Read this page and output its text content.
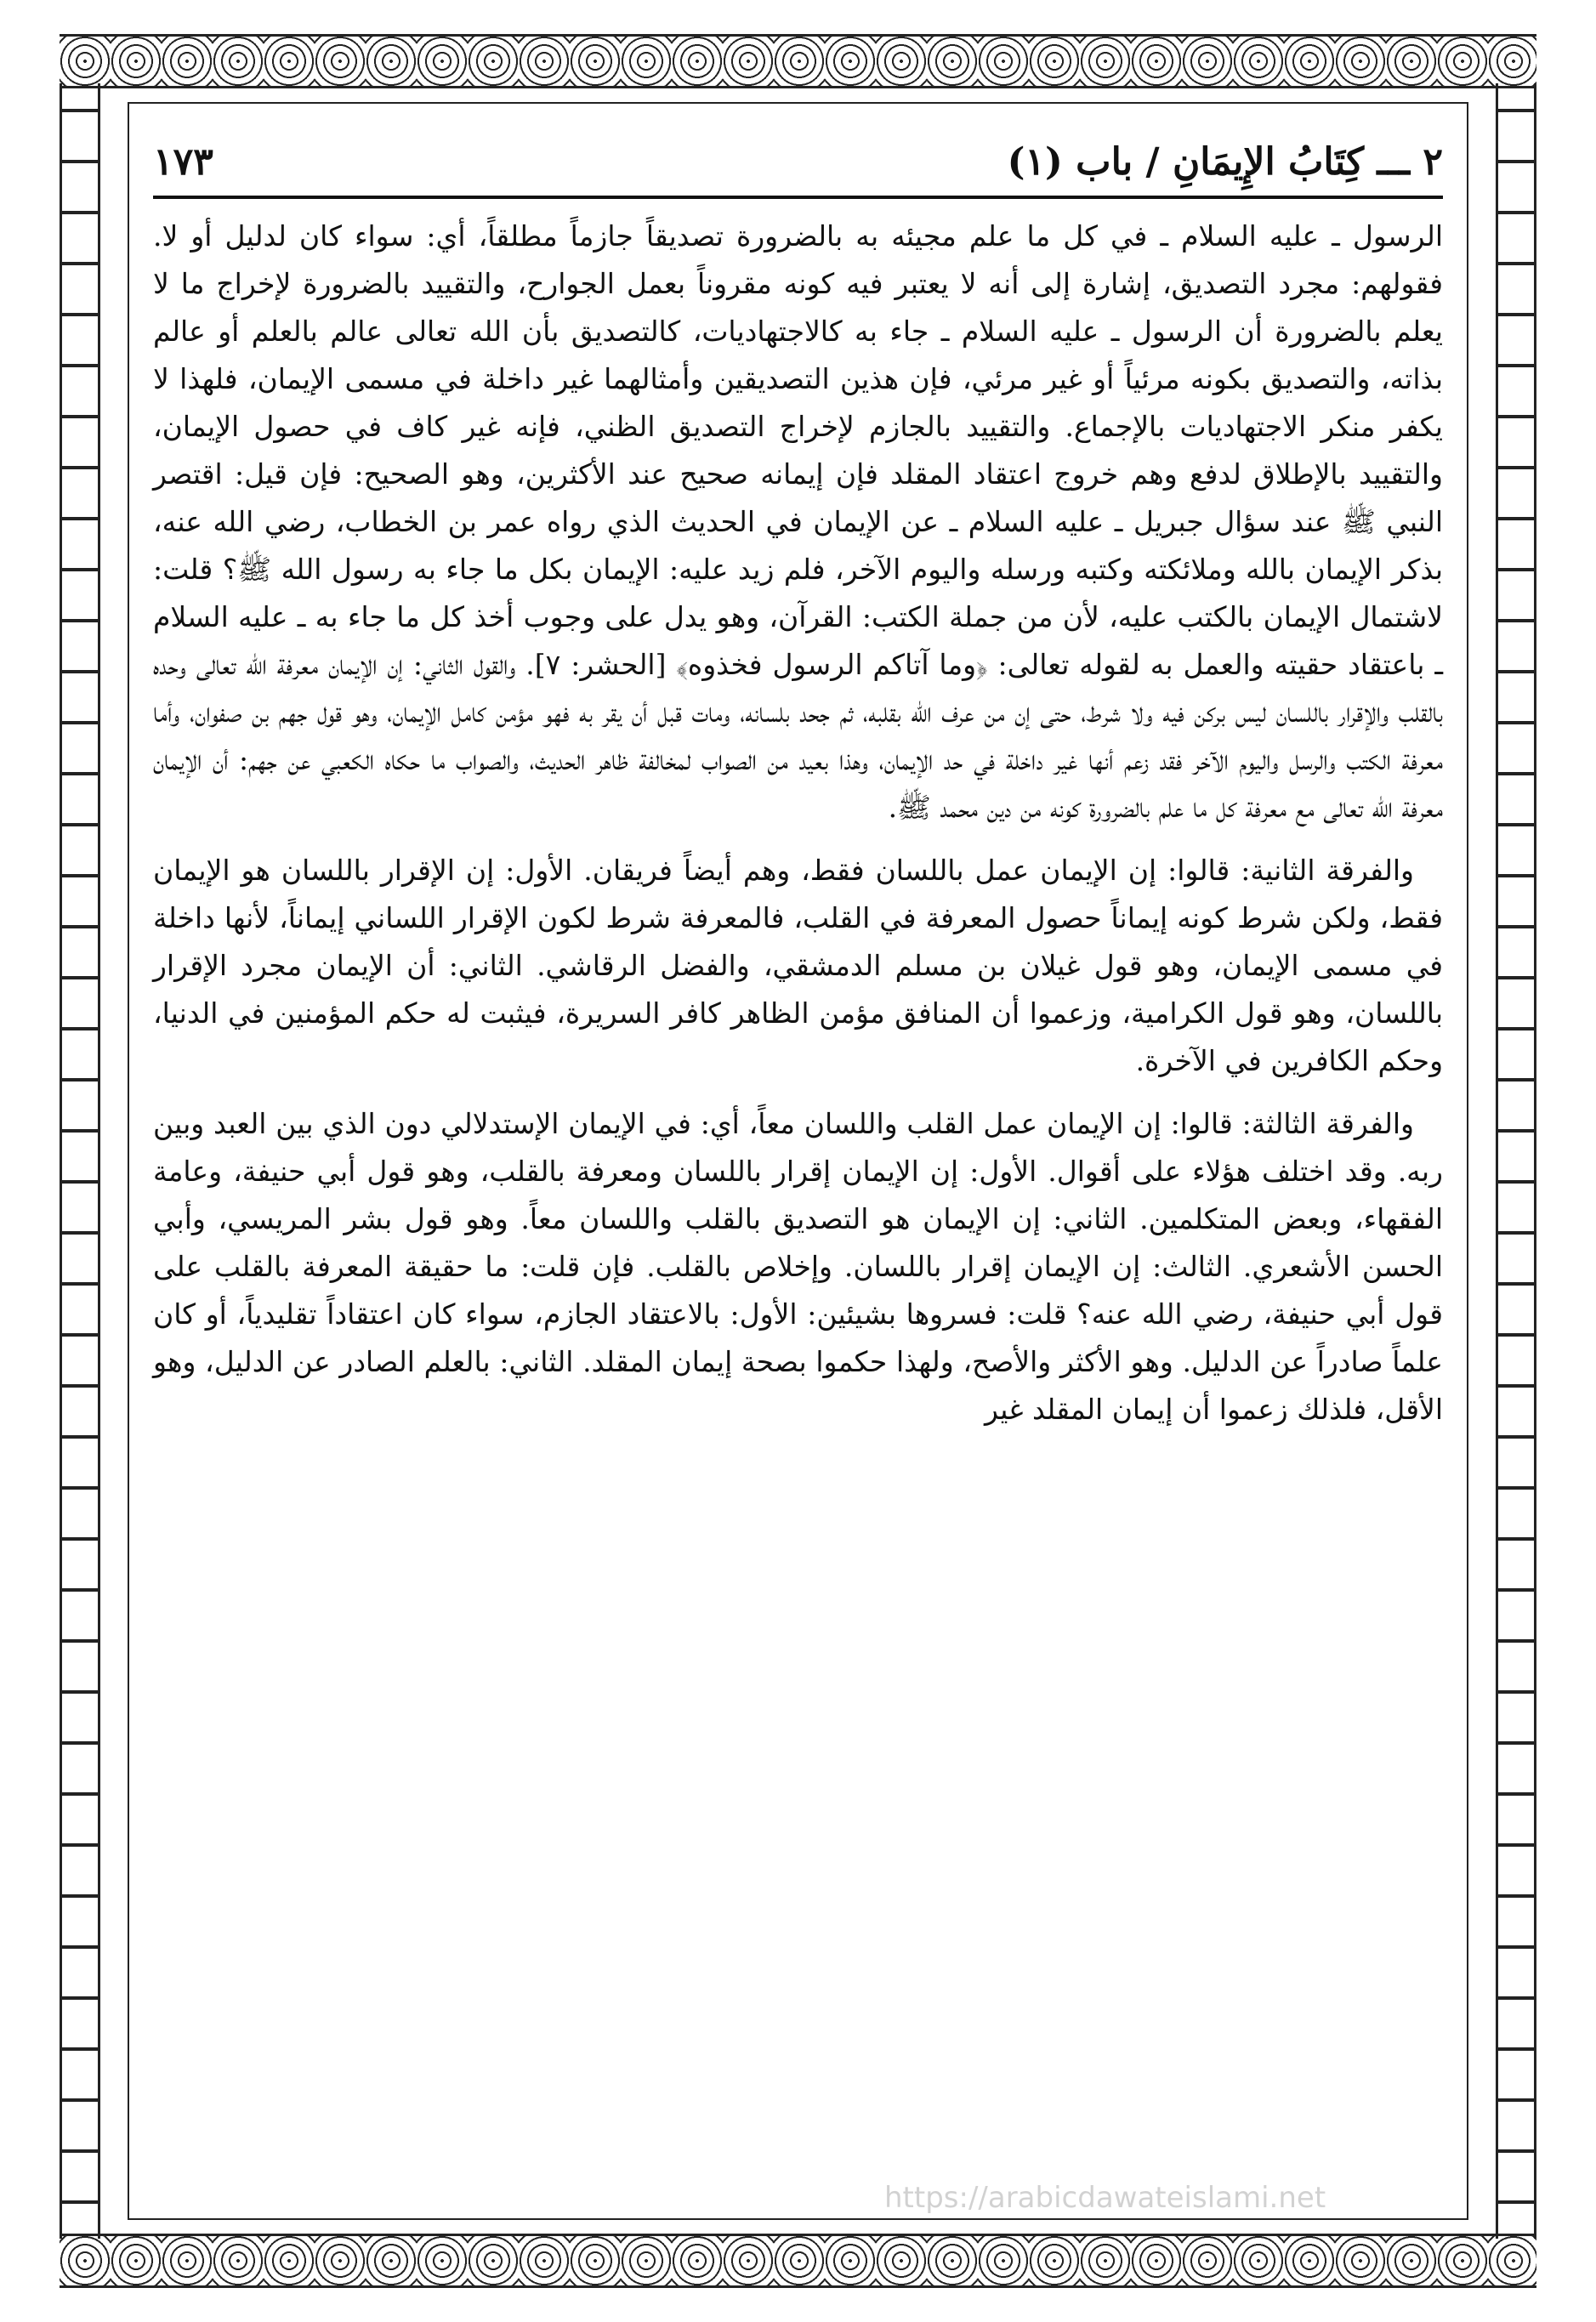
٢ ـــ كِتَابُ الإِيمَانِ / باب (١)
١٧٣

الرسول ـ عليه السلام ـ في كل ما علم مجيئه به بالضرورة تصديقاً جازماً مطلقاً، أي: سواء كان لدليل أو لا. فقولهم: مجرد التصديق، إشارة إلى أنه لا يعتبر فيه كونه مقروناً بعمل الجوارح، والتقييد بالضرورة لإخراج ما لا يعلم بالضرورة أن الرسول ـ عليه السلام ـ جاء به كالاجتهاديات، كالتصديق بأن الله تعالى عالم بالعلم أو عالم بذاته، والتصديق بكونه مرئياً أو غير مرئي، فإن هذين التصديقين وأمثالهما غير داخلة في مسمى الإيمان، فلهذا لا يكفر منكر الاجتهاديات بالإجماع. والتقييد بالجازم لإخراج التصديق الظني، فإنه غير كاف في حصول الإيمان، والتقييد بالإطلاق لدفع وهم خروج اعتقاد المقلد فإن إيمانه صحيح عند الأكثرين، وهو الصحيح: فإن قيل: اقتصر النبي ﷺ عند سؤال جبريل ـ عليه السلام ـ عن الإيمان في الحديث الذي رواه عمر بن الخطاب، رضي الله عنه، بذكر الإيمان بالله وملائكته وكتبه ورسله واليوم الآخر، فلم زيد عليه: الإيمان بكل ما جاء به رسول الله ﷺ؟ قلت: لاشتمال الإيمان بالكتب عليه، لأن من جملة الكتب: القرآن، وهو يدل على وجوب أخذ كل ما جاء به ـ عليه السلام ـ باعتقاد حقيته والعمل به لقوله تعالى: ﴿وما آتاكم الرسول فخذوه﴾ [الحشر: ٧]. والقول الثاني: إن الإيمان معرفة الله تعالى وحده بالقلب والإقرار باللسان ليس بركن فيه ولا شرط، حتى إن من عرف الله بقلبه، ثم جحد بلسانه، ومات قبل أن يقر به فهو مؤمن كامل الإيمان، وهو قول جهم بن صفوان، وأما معرفة الكتب والرسل واليوم الآخر فقد زعم أنها غير داخلة في حد الإيمان، وهذا بعيد من الصواب لمخالفة ظاهر الحديث، والصواب ما حكاه الكعبي عن جهم: أن الإيمان معرفة الله تعالى مع معرفة كل ما علم بالضرورة كونه من دين محمد ﷺ.

والفرقة الثانية: قالوا: إن الإيمان عمل باللسان فقط، وهم أيضاً فريقان. الأول: إن الإقرار باللسان هو الإيمان فقط، ولكن شرط كونه إيماناً حصول المعرفة في القلب، فالمعرفة شرط لكون الإقرار اللساني إيماناً، لأنها داخلة في مسمى الإيمان، وهو قول غيلان بن مسلم الدمشقي، والفضل الرقاشي. الثاني: أن الإيمان مجرد الإقرار باللسان، وهو قول الكرامية، وزعموا أن المنافق مؤمن الظاهر كافر السريرة، فيثبت له حكم المؤمنين في الدنيا، وحكم الكافرين في الآخرة.

والفرقة الثالثة: قالوا: إن الإيمان عمل القلب واللسان معاً، أي: في الإيمان الإستدلالي دون الذي بين العبد وبين ربه. وقد اختلف هؤلاء على أقوال. الأول: إن الإيمان إقرار باللسان ومعرفة بالقلب، وهو قول أبي حنيفة، وعامة الفقهاء، وبعض المتكلمين. الثاني: إن الإيمان هو التصديق بالقلب واللسان معاً. وهو قول بشر المريسي، وأبي الحسن الأشعري. الثالث: إن الإيمان إقرار باللسان. وإخلاص بالقلب. فإن قلت: ما حقيقة المعرفة بالقلب على قول أبي حنيفة، رضي الله عنه؟ قلت: فسروها بشيئين: الأول: بالاعتقاد الجازم، سواء كان اعتقاداً تقليدياً، أو كان علماً صادراً عن الدليل. وهو الأكثر والأصح، ولهذا حكموا بصحة إيمان المقلد. الثاني: بالعلم الصادر عن الدليل، وهو الأقل، فلذلك زعموا أن إيمان المقلد غير

https://arabicdawateislami.net
